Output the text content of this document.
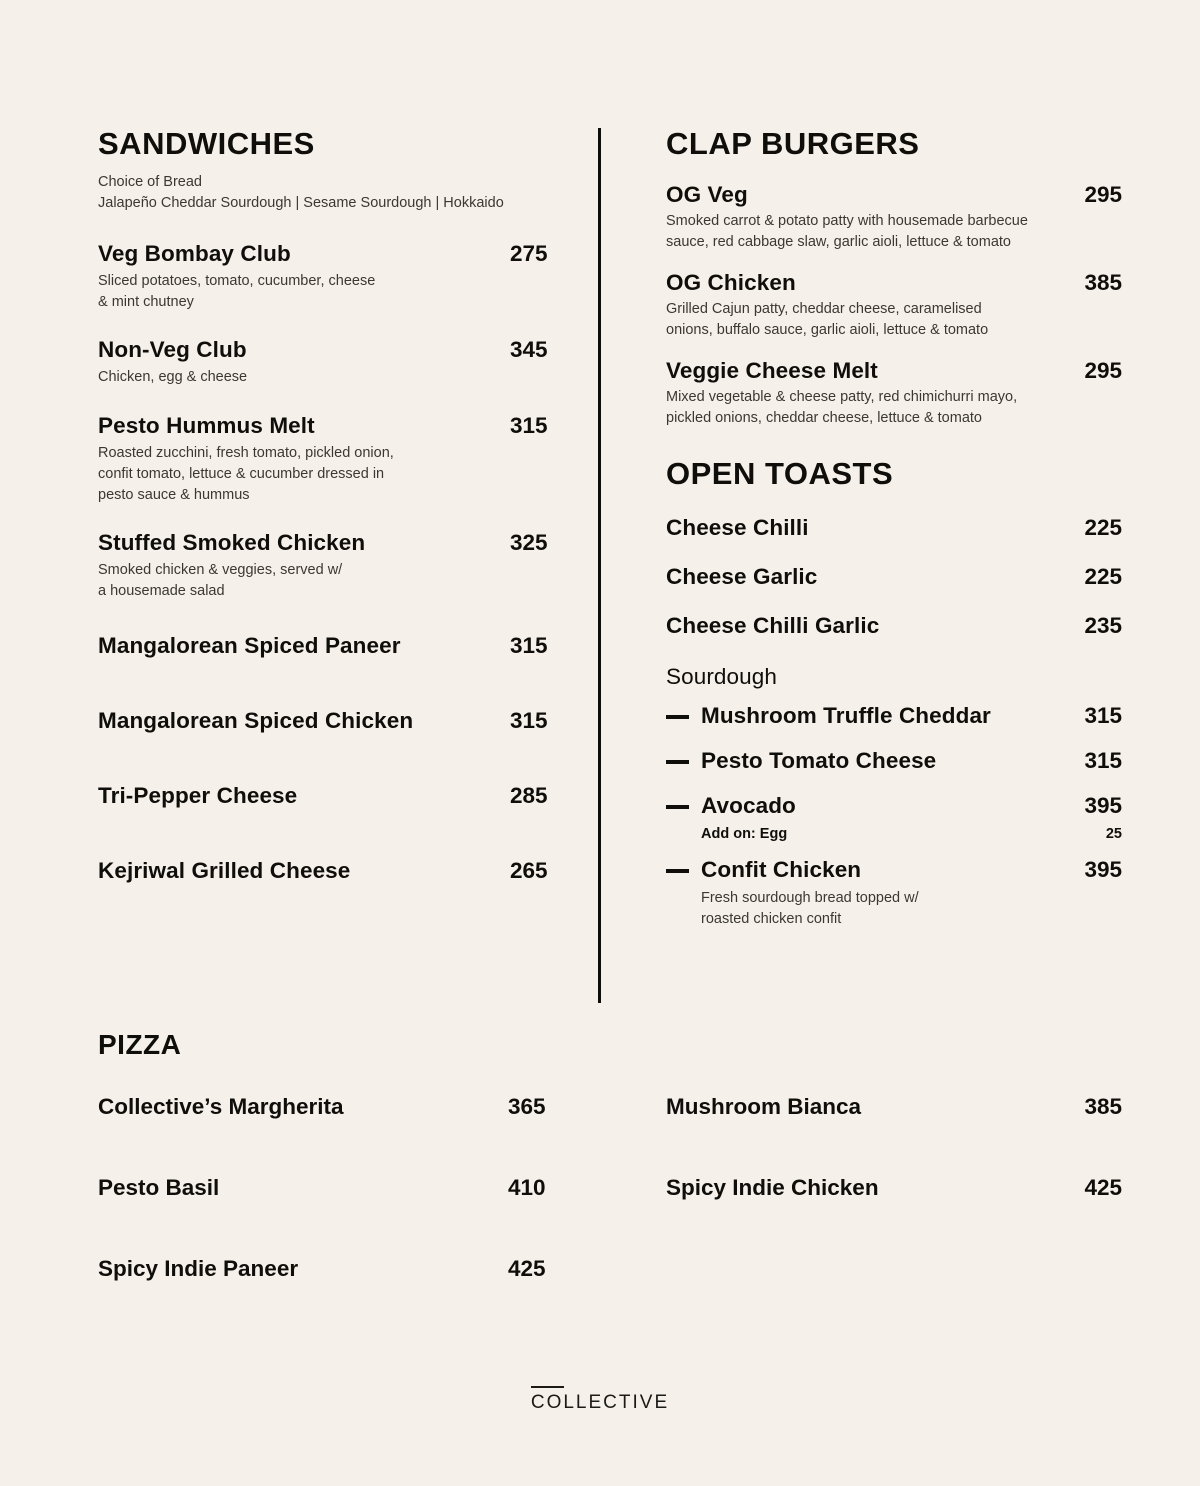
SANDWICHES
Choice of Bread
Jalapeño Cheddar Sourdough | Sesame Sourdough | Hokkaido
Veg Bombay Club	275
Sliced potatoes, tomato, cucumber, cheese
& mint chutney
Non-Veg Club	345
Chicken, egg & cheese
Pesto Hummus Melt	315
Roasted zucchini, fresh tomato, pickled onion,
confit tomato, lettuce & cucumber dressed in
pesto sauce & hummus
Stuffed Smoked Chicken	325
Smoked chicken & veggies, served w/
a housemade salad
Mangalorean Spiced Paneer	315
Mangalorean Spiced Chicken	315
Tri-Pepper Cheese	285
Kejriwal Grilled Cheese	265
CLAP BURGERS
OG Veg	295
Smoked carrot & potato patty with housemade barbecue
sauce, red cabbage slaw, garlic aioli, lettuce & tomato
OG Chicken	385
Grilled Cajun patty, cheddar cheese, caramelised
onions, buffalo sauce, garlic aioli, lettuce & tomato
Veggie Cheese Melt	295
Mixed vegetable & cheese patty, red chimichurri mayo,
pickled onions, cheddar cheese, lettuce & tomato
OPEN TOASTS
Cheese Chilli	225
Cheese Garlic	225
Cheese Chilli Garlic	235
Sourdough
Mushroom Truffle Cheddar	315
Pesto Tomato Cheese	315
Avocado	395
Add on: Egg	25
Confit Chicken	395
Fresh sourdough bread topped w/
roasted chicken confit
PIZZA
Collective’s Margherita	365	Mushroom Bianca	385
Pesto Basil	410	Spicy Indie Chicken	425
Spicy Indie Paneer	425
COLLECTIVE
